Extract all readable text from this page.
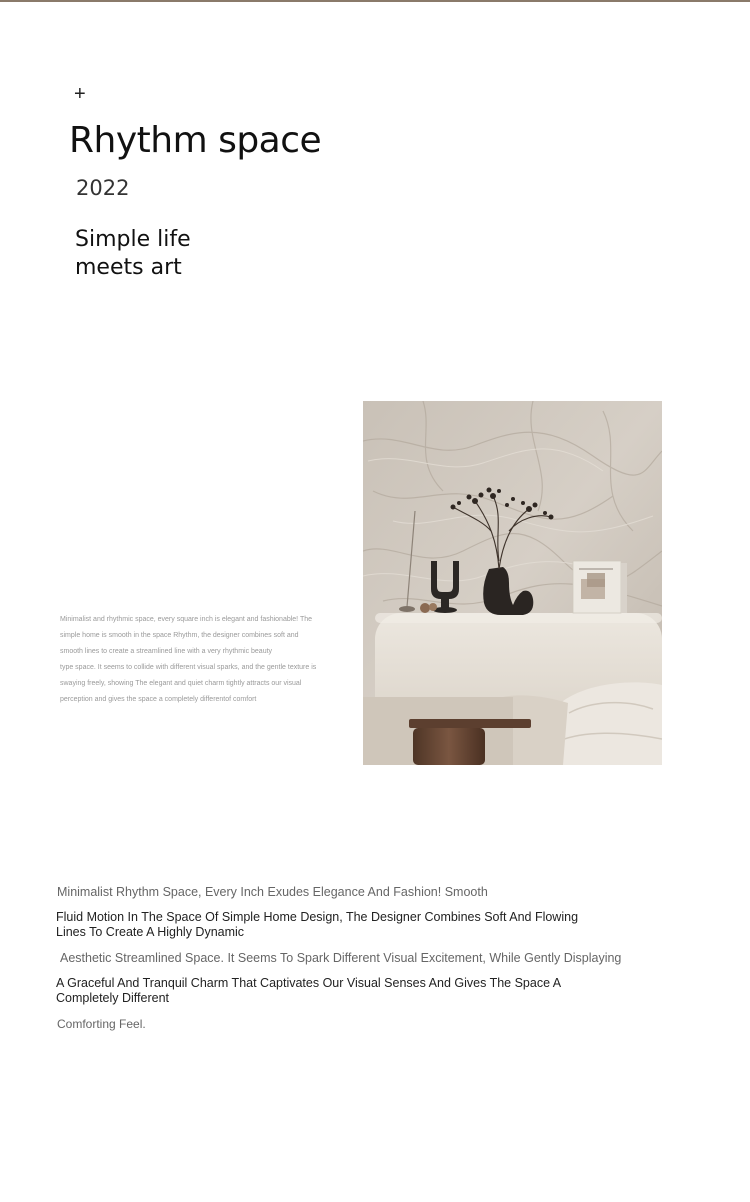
+
Rhythm space
2022
Simple life
meets art
Minimalist and rhythmic space, every square inch is elegant and fashionable! The
simple home is smooth in the space Rhythm, the designer combines soft and
smooth lines to create a streamlined line with a very rhythmic beauty
type space. It seems to collide with different visual sparks, and the gentle texture is
swaying freely, showing The elegant and quiet charm tightly attracts our visual
perception and gives the space a completely differentof comfort
Minimalist Rhythm Space, Every Inch Exudes Elegance And Fashion! Smooth
Fluid Motion In The Space Of Simple Home Design, The Designer Combines Soft And Flowing
Lines To Create A Highly Dynamic
Aesthetic Streamlined Space. It Seems To Spark Different Visual Excitement, While Gently Displaying
A Graceful And Tranquil Charm That Captivates Our Visual Senses And Gives The Space A
Completely Different
Comforting Feel.
